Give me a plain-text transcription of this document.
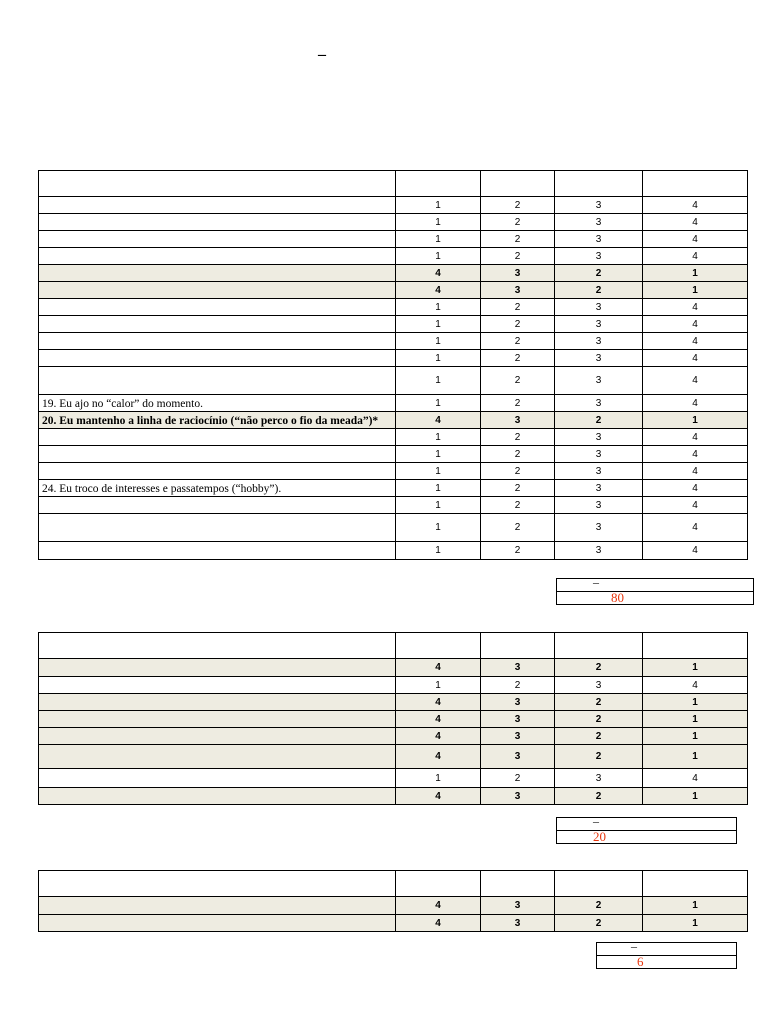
–

	1	2	3	4
	1	2	3	4
	1	2	3	4
	1	2	3	4
	4	3	2	1
	4	3	2	1
	1	2	3	4
	1	2	3	4
	1	2	3	4
	1	2	3	4
	1	2	3	4
19. Eu ajo no “calor” do momento.	1	2	3	4
20. Eu mantenho a linha de raciocínio (“não perco o fio da meada”)*	4	3	2	1
	1	2	3	4
	1	2	3	4
	1	2	3	4
24. Eu troco de interesses e passatempos (“hobby”).	1	2	3	4
	1	2	3	4
	1	2	3	4
	1	2	3	4
–
80

	4	3	2	1
	1	2	3	4
	4	3	2	1
	4	3	2	1
	4	3	2	1
	4	3	2	1
	1	2	3	4
	4	3	2	1
–
20

	4	3	2	1
	4	3	2	1
–
6
